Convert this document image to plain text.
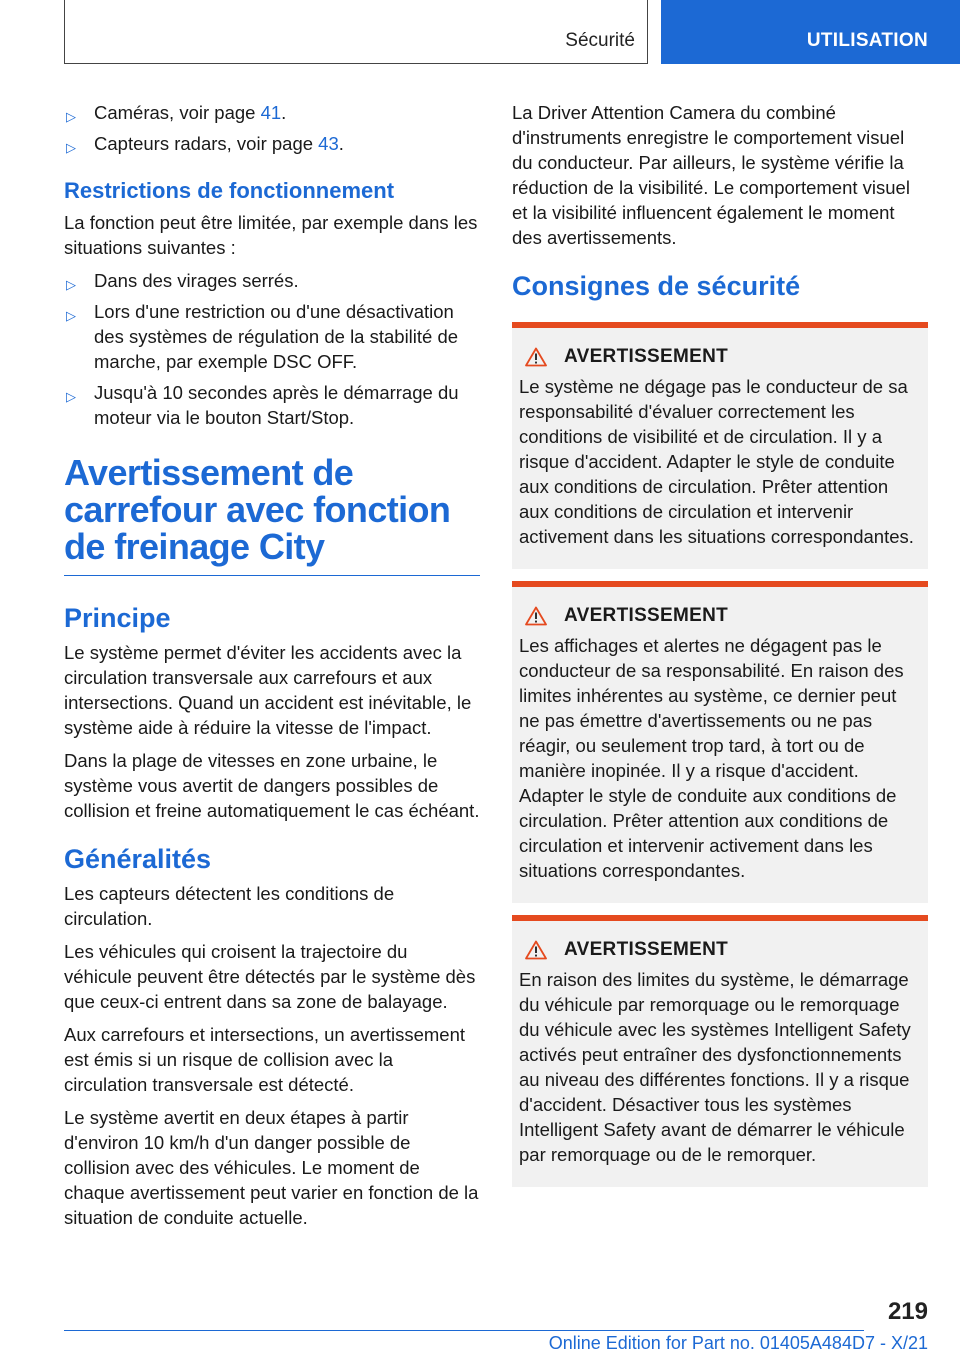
Sécurité	UTILISATION
▷ Caméras, voir page 41.
▷ Capteurs radars, voir page 43.
Restrictions de fonctionnement

La fonction peut être limitée, par exemple dans les situations suivantes :

▷ Dans des virages serrés.
▷ Lors d'une restriction ou d'une désactivation des systèmes de régulation de la stabilité de marche, par exemple DSC OFF.
▷ Jusqu'à 10 secondes après le démarrage du moteur via le bouton Start/Stop.
Avertissement de carrefour avec fonction de freinage City
Principe

Le système permet d'éviter les accidents avec la circulation transversale aux carrefours et aux intersections. Quand un accident est inévitable, le système aide à réduire la vitesse de l'impact.

Dans la plage de vitesses en zone urbaine, le système vous avertit de dangers possibles de collision et freine automatiquement le cas échéant.

Généralités

Les capteurs détectent les conditions de circulation.

Les véhicules qui croisent la trajectoire du véhicule peuvent être détectés par le système dès que ceux-ci entrent dans sa zone de balayage.

Aux carrefours et intersections, un avertissement est émis si un risque de collision avec la circulation transversale est détecté.

Le système avertit en deux étapes à partir d'environ 10 km/h d'un danger possible de collision avec des véhicules. Le moment de chaque avertissement peut varier en fonction de la situation de conduite actuelle.

La Driver Attention Camera du combiné d'instruments enregistre le comportement visuel du conducteur. Par ailleurs, le système vérifie la réduction de la visibilité. Le comportement visuel et la visibilité influencent également le moment des avertissements.

Consignes de sécurité
AVERTISSEMENT

Le système ne dégage pas le conducteur de sa responsabilité d'évaluer correctement les conditions de visibilité et de circulation. Il y a risque d'accident. Adapter le style de conduite aux conditions de circulation. Prêter attention aux conditions de circulation et intervenir activement dans les situations correspondantes.

AVERTISSEMENT

Les affichages et alertes ne dégagent pas le conducteur de sa responsabilité. En raison des limites inhérentes au système, ce dernier peut ne pas émettre d'avertissements ou ne pas réagir, ou seulement trop tard, à tort ou de manière inopinée. Il y a risque d'accident. Adapter le style de conduite aux conditions de circulation. Prêter attention aux conditions de circulation et intervenir activement dans les situations correspondantes.

AVERTISSEMENT

En raison des limites du système, le démarrage du véhicule par remorquage ou le remorquage du véhicule avec les systèmes Intelligent Safety activés peut entraîner des dysfonctionnements au niveau des différentes fonctions. Il y a risque d'accident. Désactiver tous les systèmes Intelligent Safety avant de démarrer le véhicule par remorquage ou de le remorquer.

219
Online Edition for Part no. 01405A484D7 - X/21
